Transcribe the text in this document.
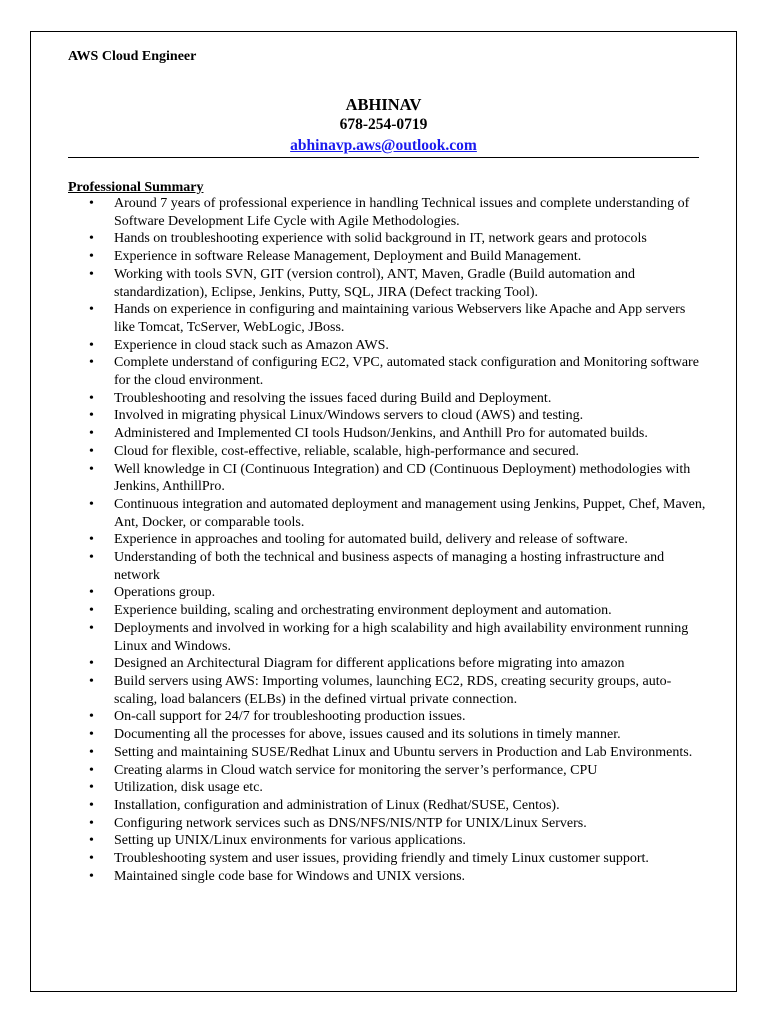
AWS Cloud Engineer
ABHINAV
678-254-0719
abhinavp.aws@outlook.com
Professional Summary
• Around 7 years of professional experience in handling Technical issues and complete understanding of Software Development Life Cycle with Agile Methodologies.
• Hands on troubleshooting experience with solid background in IT, network gears and protocols
• Experience in software Release Management, Deployment and Build Management.
• Working with tools SVN, GIT (version control), ANT, Maven, Gradle (Build automation and standardization), Eclipse, Jenkins, Putty, SQL, JIRA (Defect tracking Tool).
• Hands on experience in configuring and maintaining various Webservers like Apache and App servers like Tomcat, TcServer, WebLogic, JBoss.
• Experience in cloud stack such as Amazon AWS.
• Complete understand of configuring EC2, VPC, automated stack configuration and Monitoring software for the cloud environment.
• Troubleshooting and resolving the issues faced during Build and Deployment.
• Involved in migrating physical Linux/Windows servers to cloud (AWS) and testing.
• Administered and Implemented CI tools Hudson/Jenkins, and Anthill Pro for automated builds.
• Cloud for flexible, cost-effective, reliable, scalable, high-performance and secured.
• Well knowledge in CI (Continuous Integration) and CD (Continuous Deployment) methodologies with Jenkins, AnthillPro.
• Continuous integration and automated deployment and management using Jenkins, Puppet, Chef, Maven, Ant, Docker, or comparable tools.
• Experience in approaches and tooling for automated build, delivery and release of software.
• Understanding of both the technical and business aspects of managing a hosting infrastructure and network
• Operations group.
• Experience building, scaling and orchestrating environment deployment and automation.
• Deployments and involved in working for a high scalability and high availability environment running Linux and Windows.
• Designed an Architectural Diagram for different applications before migrating into amazon
• Build servers using AWS: Importing volumes, launching EC2, RDS, creating security groups, auto-scaling, load balancers (ELBs) in the defined virtual private connection.
• On-call support for 24/7 for troubleshooting production issues.
• Documenting all the processes for above, issues caused and its solutions in timely manner.
• Setting and maintaining SUSE/Redhat Linux and Ubuntu servers in Production and Lab Environments.
• Creating alarms in Cloud watch service for monitoring the server’s performance, CPU
• Utilization, disk usage etc.
• Installation, configuration and administration of Linux (Redhat/SUSE, Centos).
• Configuring network services such as DNS/NFS/NIS/NTP for UNIX/Linux Servers.
• Setting up UNIX/Linux environments for various applications.
• Troubleshooting system and user issues, providing friendly and timely Linux customer support.
• Maintained single code base for Windows and UNIX versions.
